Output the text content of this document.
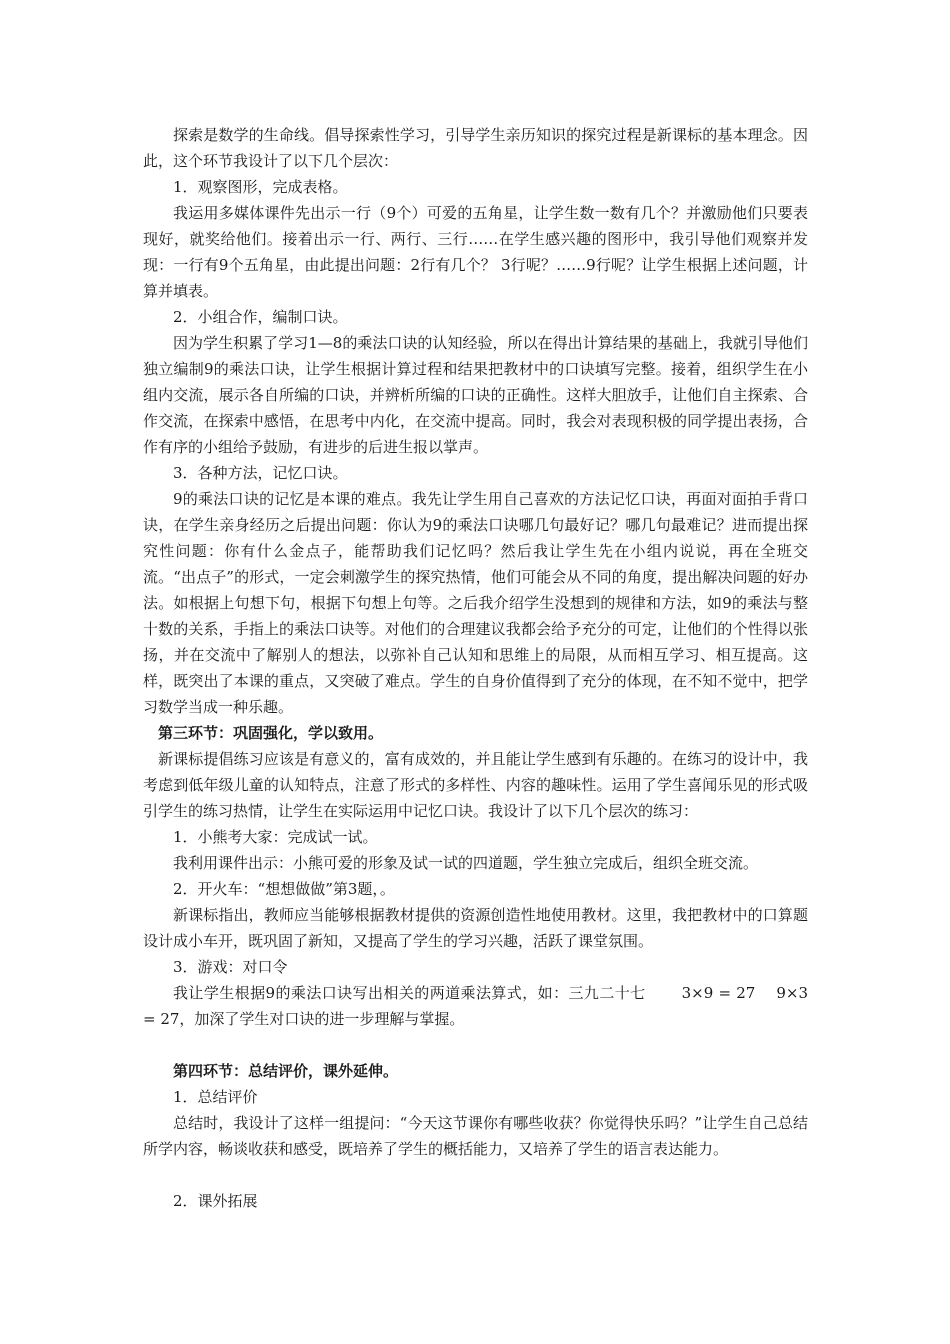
探索是数学的生命线。倡导探索性学习，引导学生亲历知识的探究过程是新课标的基本理念。因此，这个环节我设计了以下几个层次：

1．观察图形，完成表格。

我运用多媒体课件先出示一行（9个）可爱的五角星，让学生数一数有几个？并激励他们只要表现好，就奖给他们。接着出示一行、两行、三行……在学生感兴趣的图形中，我引导他们观察并发现：一行有9个五角星，由此提出问题：2行有几个？ 3行呢？……9行呢？让学生根据上述问题，计算并填表。

2．小组合作，编制口诀。

因为学生积累了学习1—8的乘法口诀的认知经验，所以在得出计算结果的基础上，我就引导他们独立编制9的乘法口诀，让学生根据计算过程和结果把教材中的口诀填写完整。接着，组织学生在小组内交流，展示各自所编的口诀，并辨析所编的口诀的正确性。这样大胆放手，让他们自主探索、合作交流，在探索中感悟，在思考中内化，在交流中提高。同时，我会对表现积极的同学提出表扬，合作有序的小组给予鼓励，有进步的后进生报以掌声。

3．各种方法，记忆口诀。

9的乘法口诀的记忆是本课的难点。我先让学生用自己喜欢的方法记忆口诀，再面对面拍手背口诀，在学生亲身经历之后提出问题：你认为9的乘法口诀哪几句最好记？哪几句最难记？进而提出探究性问题：你有什么金点子，能帮助我们记忆吗？然后我让学生先在小组内说说，再在全班交流。“出点子”的形式，一定会刺激学生的探究热情，他们可能会从不同的角度，提出解决问题的好办法。如根据上句想下句，根据下句想上句等。之后我介绍学生没想到的规律和方法，如9的乘法与整十数的关系，手指上的乘法口诀等。对他们的合理建议我都会给予充分的可定，让他们的个性得以张扬，并在交流中了解别人的想法，以弥补自己认知和思维上的局限，从而相互学习、相互提高。这样，既突出了本课的重点，又突破了难点。学生的自身价值得到了充分的体现，在不知不觉中，把学习数学当成一种乐趣。

第三环节：巩固强化，学以致用。

新课标提倡练习应该是有意义的，富有成效的，并且能让学生感到有乐趣的。在练习的设计中，我考虑到低年级儿童的认知特点，注意了形式的多样性、内容的趣味性。运用了学生喜闻乐见的形式吸引学生的练习热情，让学生在实际运用中记忆口诀。我设计了以下几个层次的练习：

1．小熊考大家：完成试一试。

我利用课件出示：小熊可爱的形象及试一试的四道题，学生独立完成后，组织全班交流。

2．开火车：“想想做做”第3题，。

新课标指出，教师应当能够根据教材提供的资源创造性地使用教材。这里，我把教材中的口算题设计成小车开，既巩固了新知，又提高了学生的学习兴趣，活跃了课堂氛围。

3．游戏：对口令

我让学生根据9的乘法口诀写出相关的两道乘法算式，如：三九二十七　　 3×9 = 27　 9×3 = 27，加深了学生对口诀的进一步理解与掌握。

第四环节：总结评价，课外延伸。

1．总结评价

总结时，我设计了这样一组提问：“今天这节课你有哪些收获？你觉得快乐吗？”让学生自己总结所学内容，畅谈收获和感受，既培养了学生的概括能力，又培养了学生的语言表达能力。

2．课外拓展
